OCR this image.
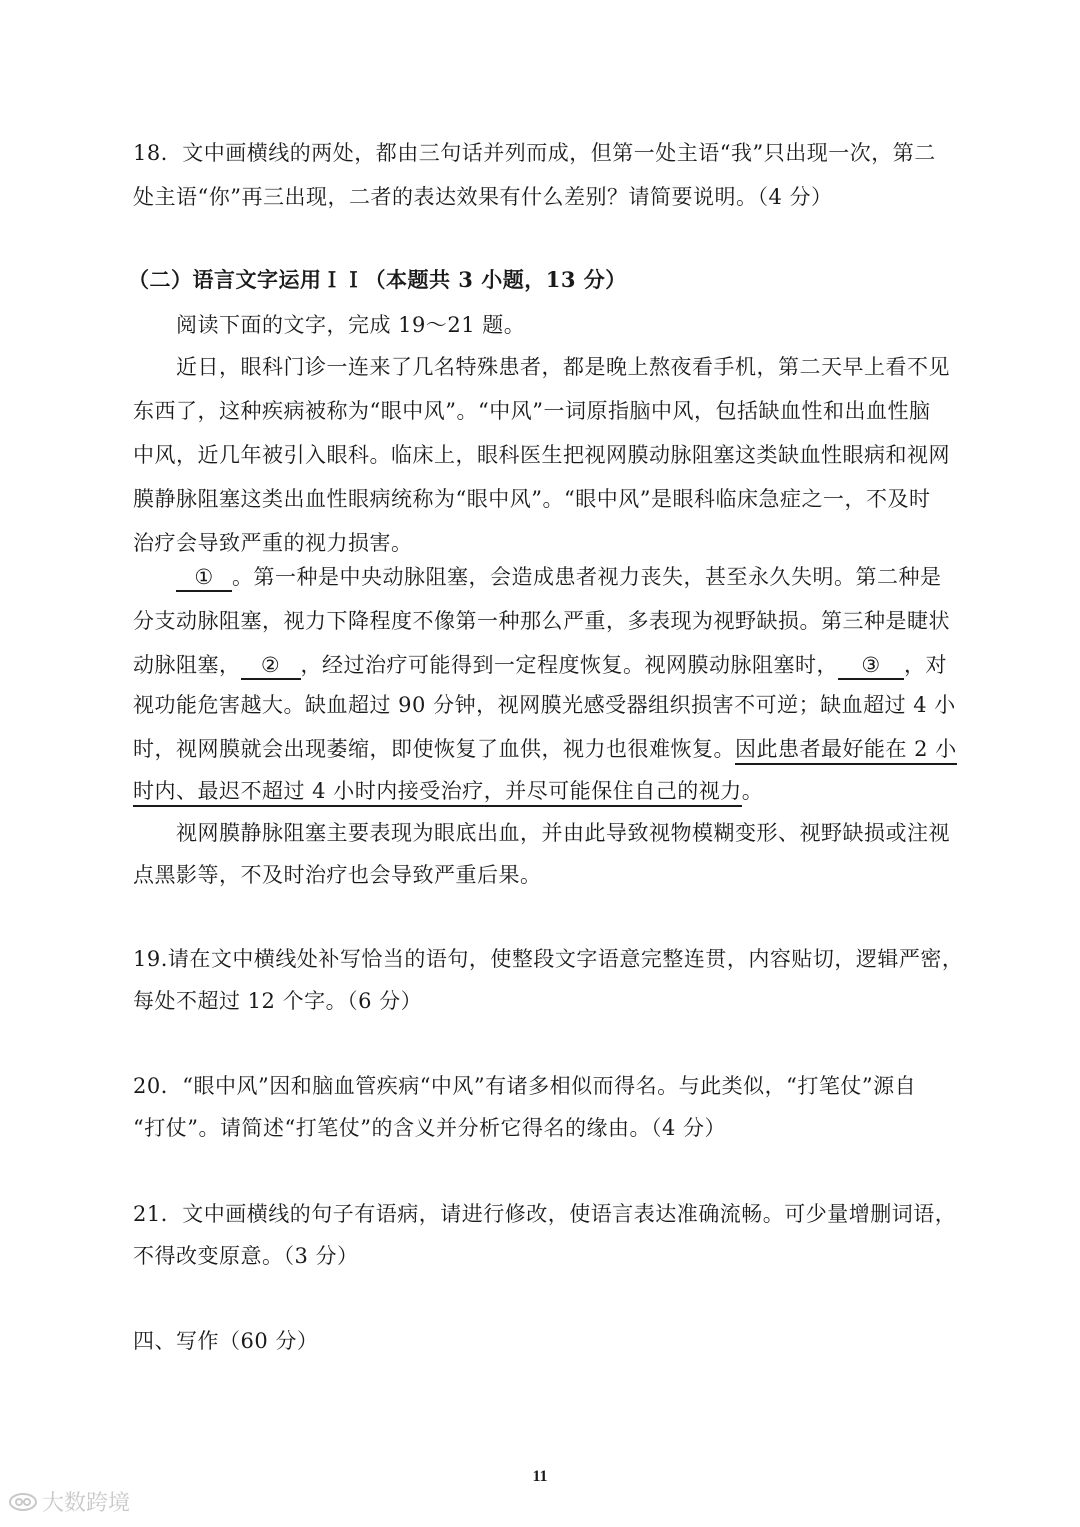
18．文中画横线的两处，都由三句话并列而成，但第一处主语“我”只出现一次，第二
处主语“你”再三出现，二者的表达效果有什么差别？请简要说明。（4 分）
（二）语言文字运用ＩＩ（本题共 3 小题，13 分）
阅读下面的文字，完成 19～21 题。
近日，眼科门诊一连来了几名特殊患者，都是晚上熬夜看手机，第二天早上看不见
东西了，这种疾病被称为“眼中风”。“中风”一词原指脑中风，包括缺血性和出血性脑
中风，近几年被引入眼科。临床上，眼科医生把视网膜动脉阻塞这类缺血性眼病和视网
膜静脉阻塞这类出血性眼病统称为“眼中风”。“眼中风”是眼科临床急症之一，不及时
治疗会导致严重的视力损害。
① 。第一种是中央动脉阻塞，会造成患者视力丧失，甚至永久失明。第二种是
分支动脉阻塞，视力下降程度不像第一种那么严重，多表现为视野缺损。第三种是睫状
动脉阻塞， ② ，经过治疗可能得到一定程度恢复。视网膜动脉阻塞时， ③ ，对
视功能危害越大。缺血超过 90 分钟，视网膜光感受器组织损害不可逆；缺血超过 4 小
时，视网膜就会出现萎缩，即使恢复了血供，视力也很难恢复。因此患者最好能在 2 小
时内、最迟不超过 4 小时内接受治疗，并尽可能保住自己的视力。
视网膜静脉阻塞主要表现为眼底出血，并由此导致视物模糊变形、视野缺损或注视
点黑影等，不及时治疗也会导致严重后果。
19.请在文中横线处补写恰当的语句，使整段文字语意完整连贯，内容贴切，逻辑严密，
每处不超过 12 个字。（6 分）
20．“眼中风”因和脑血管疾病“中风”有诸多相似而得名。与此类似，“打笔仗”源自
“打仗”。请简述“打笔仗”的含义并分析它得名的缘由。（4 分）
21．文中画横线的句子有语病，请进行修改，使语言表达准确流畅。可少量增删词语，
不得改变原意。（3 分）
四、写作（60 分）
11
大数跨境
